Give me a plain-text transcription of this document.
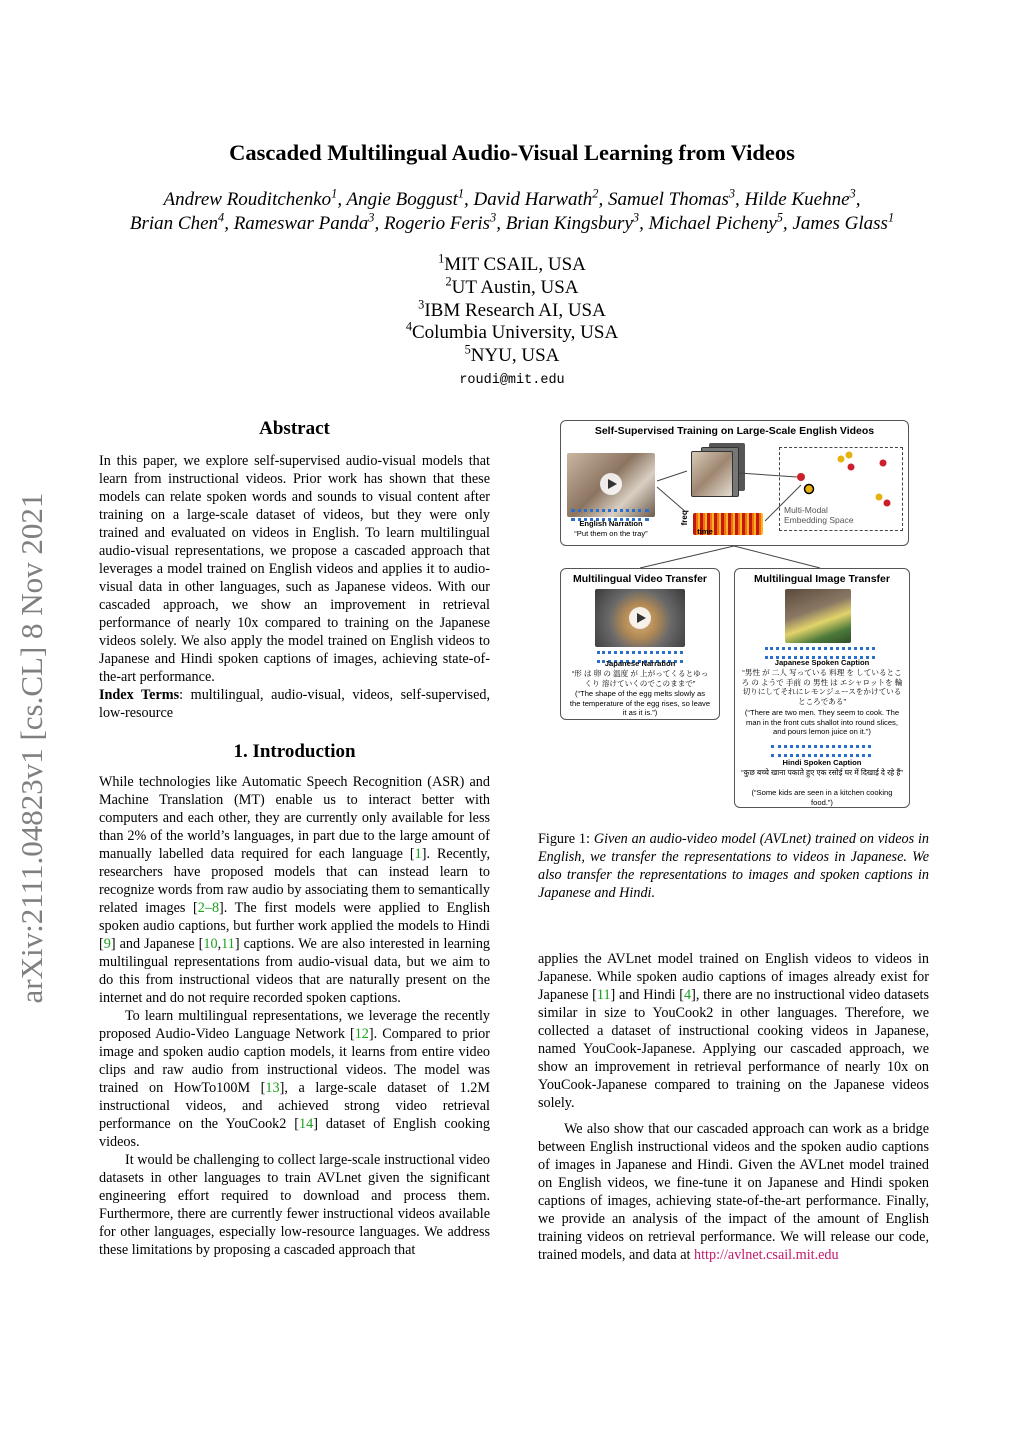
arXiv:2111.04823v1 [cs.CL] 8 Nov 2021
Cascaded Multilingual Audio-Visual Learning from Videos
Andrew Rouditchenko$^1$, Angie Boggust$^1$, David Harwath$^2$, Samuel Thomas$^3$, Hilde Kuehne$^3$,
Brian Chen$^4$, Rameswar Panda$^3$, Rogerio Feris$^3$, Brian Kingsbury$^3$, Michael Picheny$^5$, James Glass$^1$
$^1$MIT CSAIL, USA
$^2$UT Austin, USA
$^3$IBM Research AI, USA
$^4$Columbia University, USA
$^5$NYU, USA
roudi@mit.edu
Abstract

In this paper, we explore self-supervised audio-visual models that learn from instructional videos. Prior work has shown that these models can relate spoken words and sounds to visual content after training on a large-scale dataset of videos, but they were only trained and evaluated on videos in English. To learn multilingual audio-visual representations, we propose a cascaded approach that leverages a model trained on English videos and applies it to audio-visual data in other languages, such as Japanese videos. With our cascaded approach, we show an improvement in retrieval performance of nearly 10x compared to training on the Japanese videos solely. We also apply the model trained on English videos to Japanese and Hindi spoken captions of images, achieving state-of-the-art performance.

Index Terms: multilingual, audio-visual, videos, self-supervised, low-resource

1. Introduction

While technologies like Automatic Speech Recognition (ASR) and Machine Translation (MT) enable us to interact better with computers and each other, they are currently only available for less than 2% of the world’s languages, in part due to the large amount of manually labelled data required for each language [1]. Recently, researchers have proposed models that can instead learn to recognize words from raw audio by associating them to semantically related images [2–8]. The first models were applied to English spoken audio captions, but further work applied the models to Hindi [9] and Japanese [10,11] captions. We are also interested in learning multilingual representations from audio-visual data, but we aim to do this from instructional videos that are naturally present on the internet and do not require recorded spoken captions.

To learn multilingual representations, we leverage the recently proposed Audio-Video Language Network [12]. Compared to prior image and spoken audio caption models, it learns from entire video clips and raw audio from instructional videos. The model was trained on HowTo100M [13], a large-scale dataset of 1.2M instructional videos, and achieved strong video retrieval performance on the YouCook2 [14] dataset of English cooking videos.

It would be challenging to collect large-scale instructional video datasets in other languages to train AVLnet given the significant engineering effort required to download and process them. Furthermore, there are currently fewer instructional videos available for other languages, especially low-resource languages. We address these limitations by proposing a cascaded approach that

Self-Supervised Training on Large-Scale English Videos
English Narration
“Put them on the tray”
freq
time
Multi-Modal Embedding Space
Multilingual Video Transfer
Japanese Narration
“形 は 卵 の 温度 が 上がってくるとゆっくり 溶けていくのでこのままで”
(“The shape of the egg melts slowly as the temperature of the egg rises, so leave it as it is.”)
Multilingual Image Transfer
Japanese Spoken Caption
“男性 が 二人 写っている 料理 を しているところ の ようで 手前 の 男性 は エシャロットを 輪切りにしてそれにレモンジュースをかけているところである”
(“There are two men. They seem to cook. The man in the front cuts shallot into round slices, and pours lemon juice on it.”)
Hindi Spoken Caption
“कुछ बच्चे खाना पकाते हुए एक रसोई घर में दिखाई दे रहे हैं”
(“Some kids are seen in a kitchen cooking food.”)
Figure 1: Given an audio-video model (AVLnet) trained on videos in English, we transfer the representations to videos in Japanese. We also transfer the representations to images and spoken captions in Japanese and Hindi.

applies the AVLnet model trained on English videos to videos in Japanese. While spoken audio captions of images already exist for Japanese [11] and Hindi [4], there are no instructional video datasets similar in size to YouCook2 in other languages. Therefore, we collected a dataset of instructional cooking videos in Japanese, named YouCook-Japanese. Applying our cascaded approach, we show an improvement in retrieval performance of nearly 10x on YouCook-Japanese compared to training on the Japanese videos solely.

We also show that our cascaded approach can work as a bridge between English instructional videos and the spoken audio captions of images in Japanese and Hindi. Given the AVLnet model trained on English videos, we fine-tune it on Japanese and Hindi spoken captions of images, achieving state-of-the-art performance. Finally, we provide an analysis of the impact of the amount of English training videos on retrieval performance. We will release our code, trained models, and data at http://avlnet.csail.mit.edu
